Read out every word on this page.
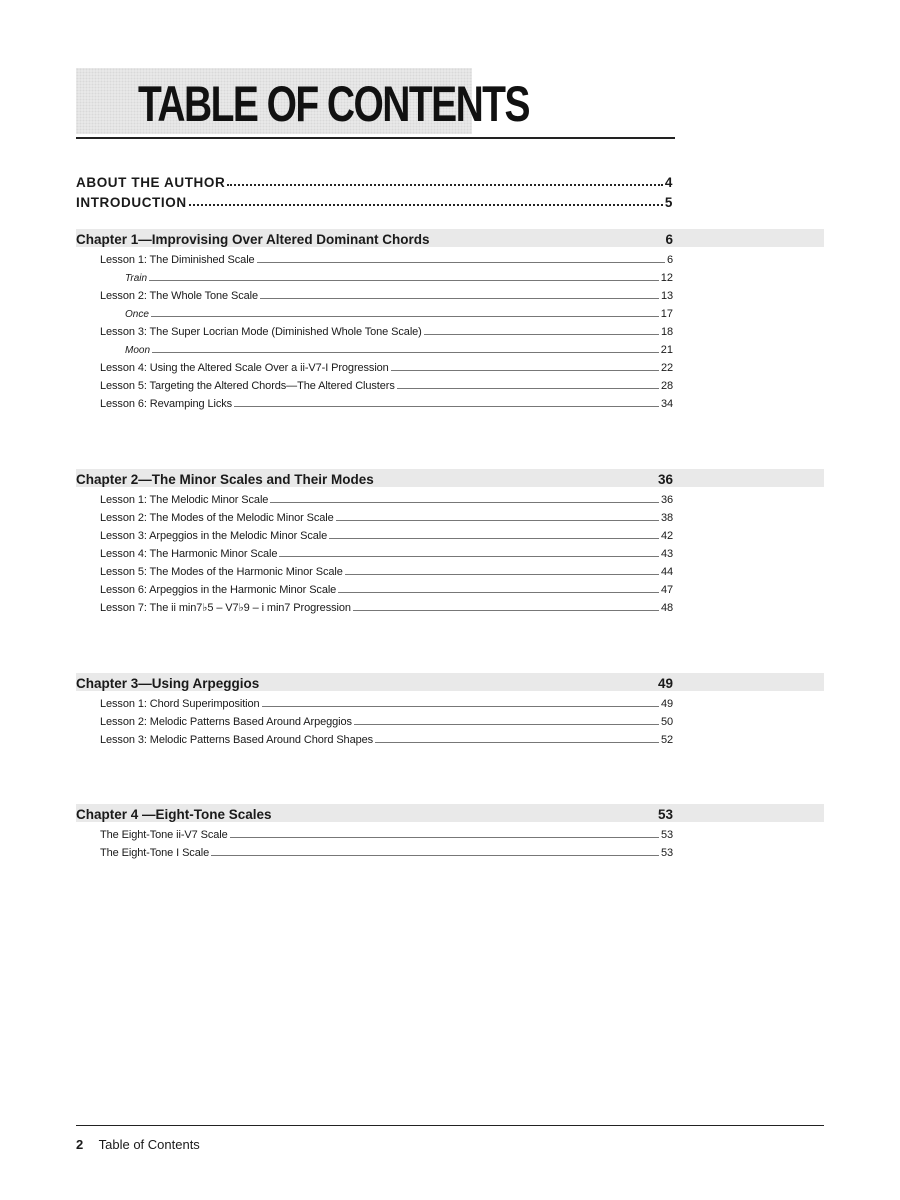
TABLE OF CONTENTS
ABOUT THE AUTHOR	4
INTRODUCTION	5
Chapter 1—Improvising Over Altered Dominant Chords	6
Lesson 1: The Diminished Scale	6
Train	12
Lesson 2: The Whole Tone Scale	13
Once	17
Lesson 3: The Super Locrian Mode (Diminished Whole Tone Scale)	18
Moon	21
Lesson 4: Using the Altered Scale Over a ii-V7-I Progression	22
Lesson 5: Targeting the Altered Chords—The Altered Clusters	28
Lesson 6: Revamping Licks	34
Chapter 2—The Minor Scales and Their Modes	36
Lesson 1: The Melodic Minor Scale	36
Lesson 2: The Modes of the Melodic Minor Scale	38
Lesson 3: Arpeggios in the Melodic Minor Scale	42
Lesson 4: The Harmonic Minor Scale	43
Lesson 5: The Modes of the Harmonic Minor Scale	44
Lesson 6: Arpeggios in the Harmonic Minor Scale	47
Lesson 7: The ii min7♭5 – V7♭9 – i min7 Progression	48
Chapter 3—Using Arpeggios	49
Lesson 1: Chord Superimposition	49
Lesson 2: Melodic Patterns Based Around Arpeggios	50
Lesson 3: Melodic Patterns Based Around Chord Shapes	52
Chapter 4 —Eight-Tone Scales	53
The Eight-Tone ii-V7 Scale	53
The Eight-Tone I Scale	53
2 Table of Contents
